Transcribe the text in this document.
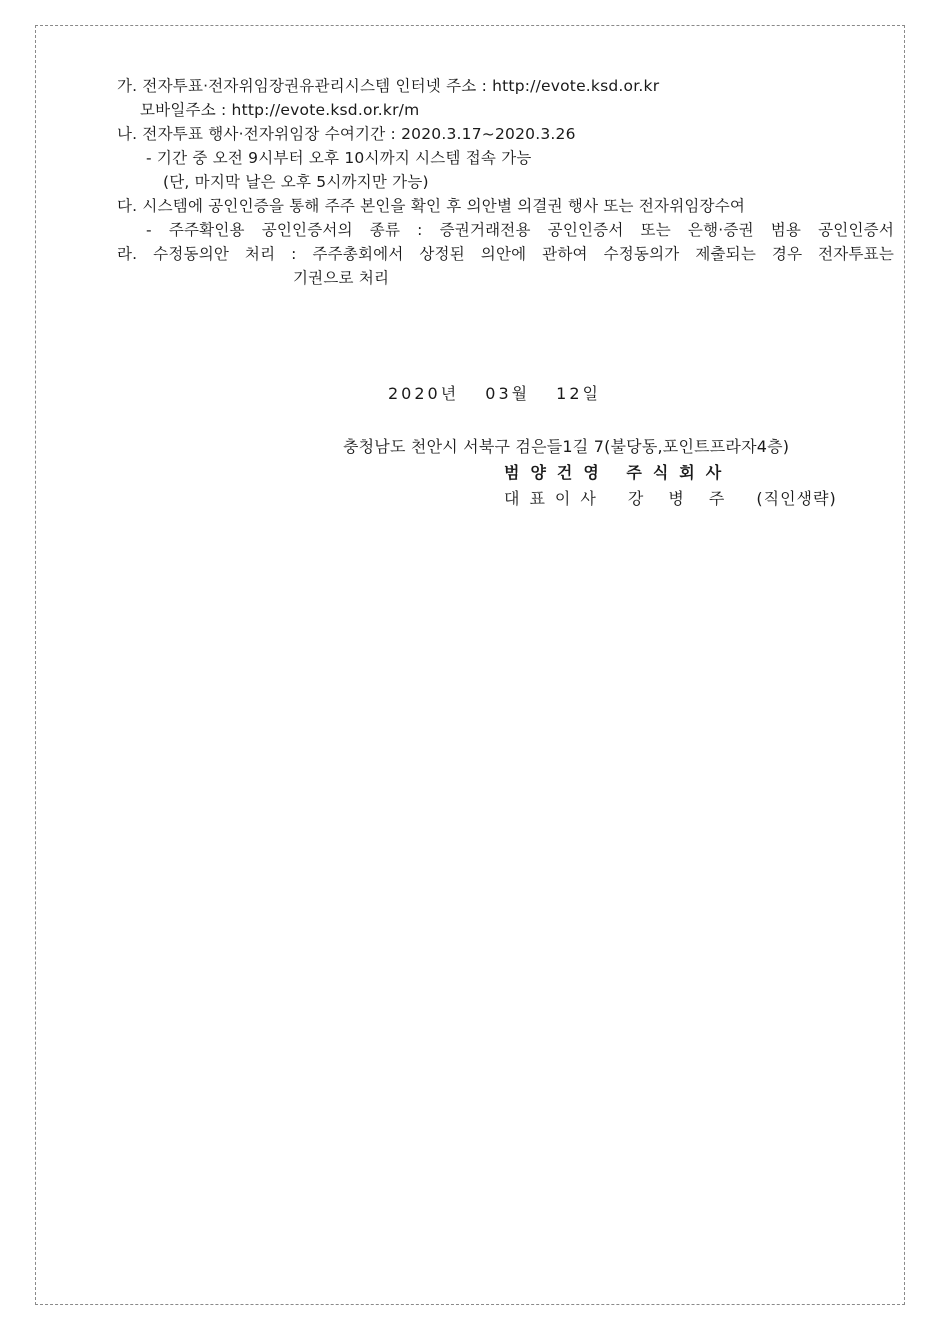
가. 전자투표·전자위임장권유관리시스템 인터넷 주소 : http://evote.ksd.or.kr
모바일주소 : http://evote.ksd.or.kr/m
나. 전자투표 행사·전자위임장 수여기간 : 2020.3.17~2020.3.26
- 기간 중 오전 9시부터 오후 10시까지 시스템 접속 가능
(단, 마지막 날은 오후 5시까지만 가능)
다. 시스템에 공인인증을 통해 주주 본인을 확인 후 의안별 의결권 행사 또는 전자위임장수여
- 주주확인용 공인인증서의 종류 : 증권거래전용 공인인증서 또는 은행·증권 범용 공인인증서
라. 수정동의안 처리 : 주주총회에서 상정된 의안에 관하여 수정동의가 제출되는 경우 전자투표는
기권으로 처리
2020년 03월 12일
충청남도 천안시 서북구 검은들1길 7(불당동,포인트프라자4층)
범양건영 주식회사
대표이사 강 병 주 (직인생략)
